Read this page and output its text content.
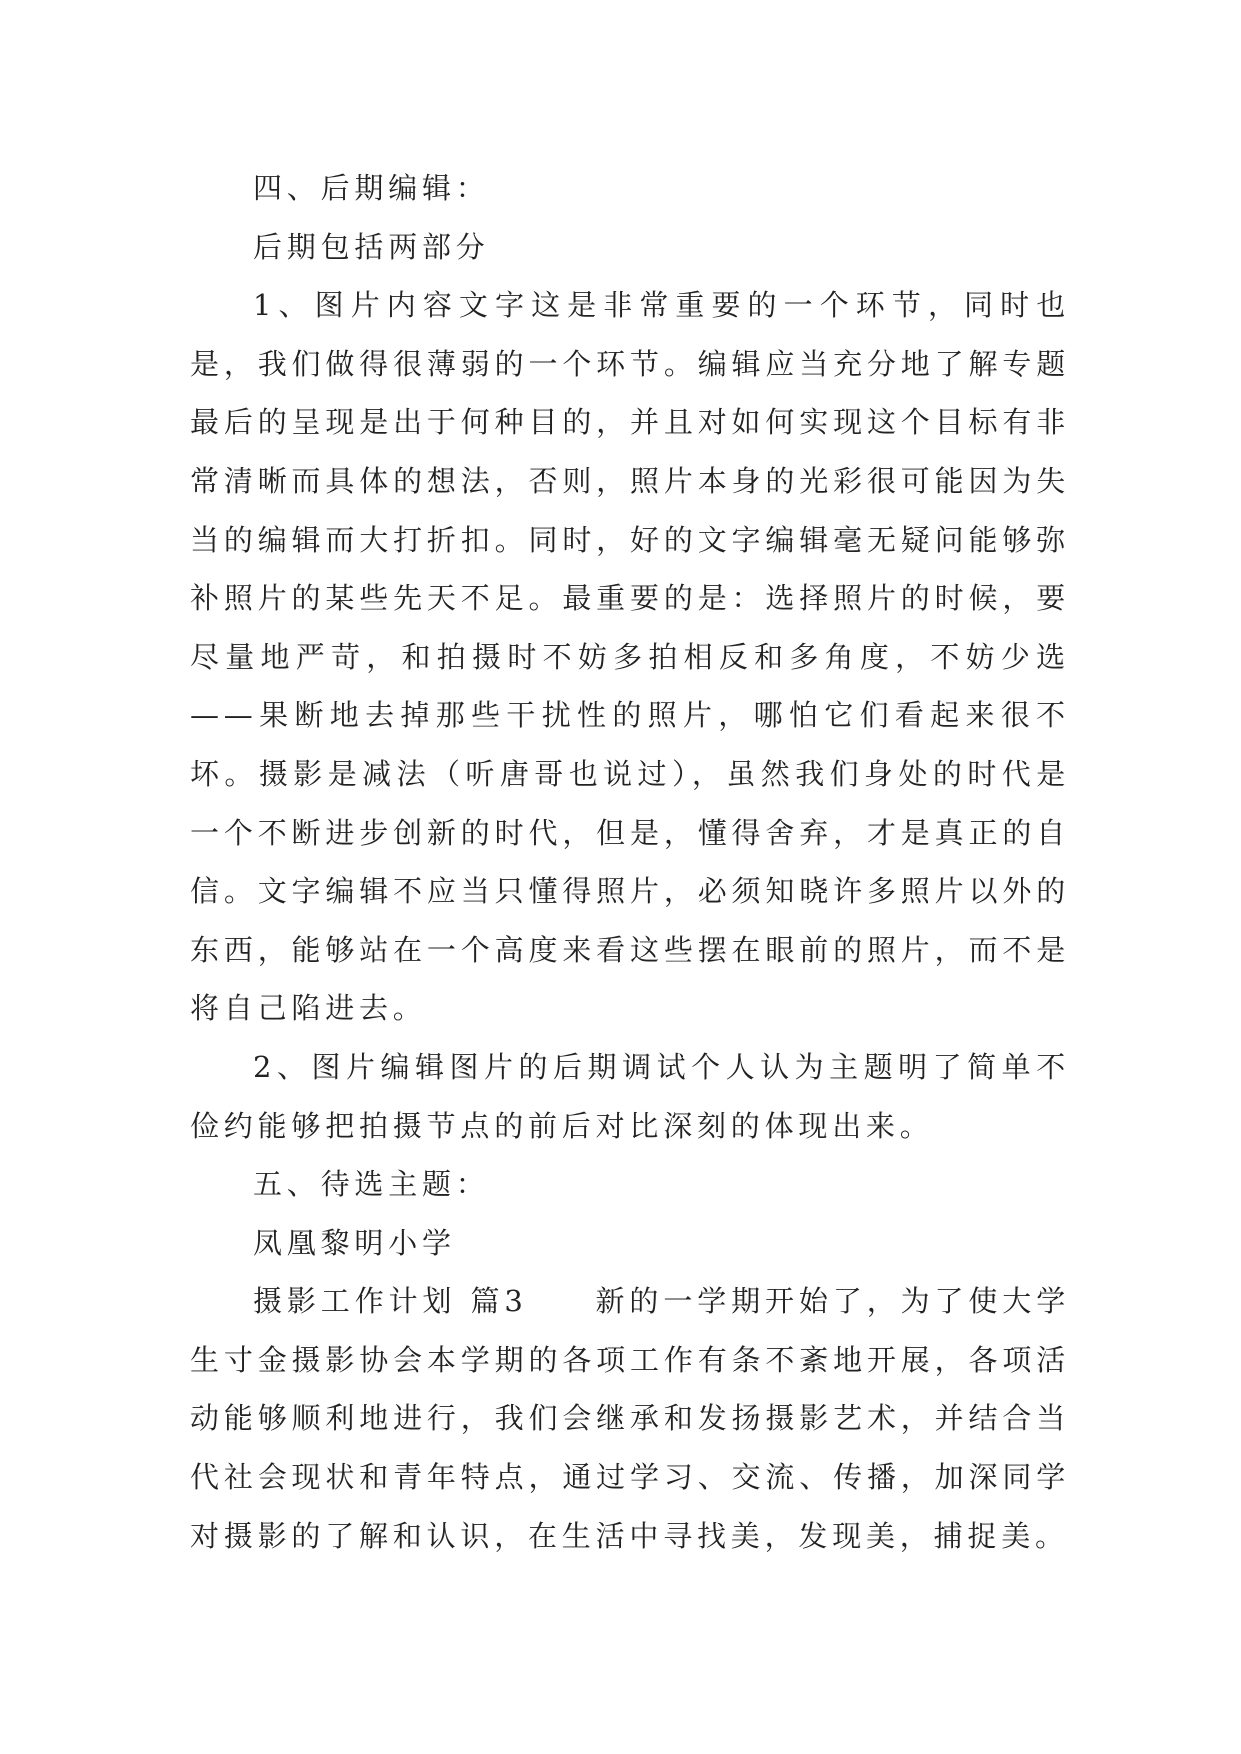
四、后期编辑：

后期包括两部分

1、图片内容文字这是非常重要的一个环节，同时也是，我们做得很薄弱的一个环节。编辑应当充分地了解专题最后的呈现是出于何种目的，并且对如何实现这个目标有非常清晰而具体的想法，否则，照片本身的光彩很可能因为失当的编辑而大打折扣。同时，好的文字编辑毫无疑问能够弥补照片的某些先天不足。最重要的是：选择照片的时候，要尽量地严苛，和拍摄时不妨多拍相反和多角度，不妨少选——果断地去掉那些干扰性的照片，哪怕它们看起来很不坏。摄影是减法（听唐哥也说过），虽然我们身处的时代是一个不断进步创新的时代，但是，懂得舍弃，才是真正的自信。文字编辑不应当只懂得照片，必须知晓许多照片以外的东西，能够站在一个高度来看这些摆在眼前的照片，而不是将自己陷进去。

2、图片编辑图片的后期调试个人认为主题明了简单不俭约能够把拍摄节点的前后对比深刻的体现出来。

五、待选主题：

凤凰黎明小学

摄影工作计划 篇3　　新的一学期开始了，为了使大学生寸金摄影协会本学期的各项工作有条不紊地开展，各项活动能够顺利地进行，我们会继承和发扬摄影艺术，并结合当代社会现状和青年特点，通过学习、交流、传播，加深同学对摄影的了解和认识，在生活中寻找美，发现美，捕捉美。
